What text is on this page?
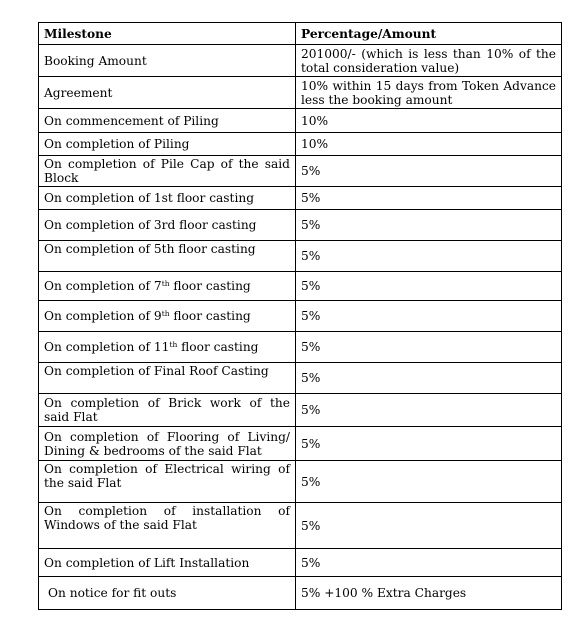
Milestone	Percentage/Amount
Booking Amount	201000/- (which is less than 10% of the total consideration value)
Agreement	10% within 15 days from Token Advance less the booking amount
On commencement of Piling	10%
On completion of Piling	10%
On completion of Pile Cap of the said Block	5%
On completion of 1st floor casting	5%
On completion of 3rd floor casting	5%
On completion of 5th floor casting	5%
On completion of 7th floor casting	5%
On completion of 9th floor casting	5%
On completion of 11th floor casting	5%
On completion of Final Roof Casting	5%
On completion of Brick work of the said Flat	5%
On completion of Flooring of Living/ Dining & bedrooms of the said Flat	5%
On completion of Electrical wiring of the said Flat	5%
On completion of installation of Windows of the said Flat	5%
On completion of Lift Installation	5%
On notice for fit outs	5% +100 % Extra Charges
